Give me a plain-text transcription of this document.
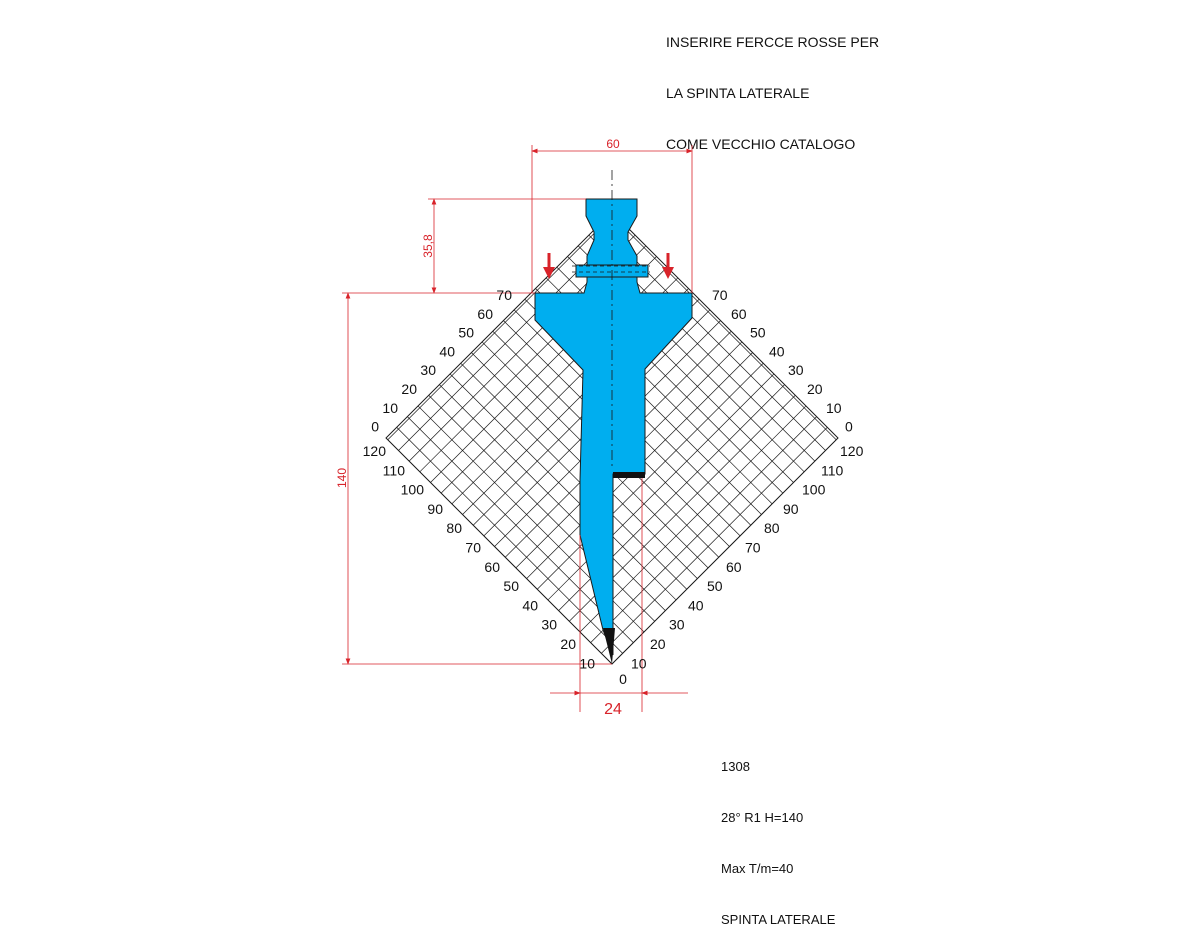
INSERIRE FERCCE ROSSE PER

LA SPINTA LATERALE

COME VECCHIO CATALOGO

60
35,8
140
24
70
60
50
40
30
20
10
0
120
110
100
90
80
70
60
50
40
30
20
10
70
60
50
40
30
20
10
0
120
110
100
90
80
70
60
50
40
30
20
10
0

1308

28° R1 H=140

Max T/m=40

SPINTA LATERALE
